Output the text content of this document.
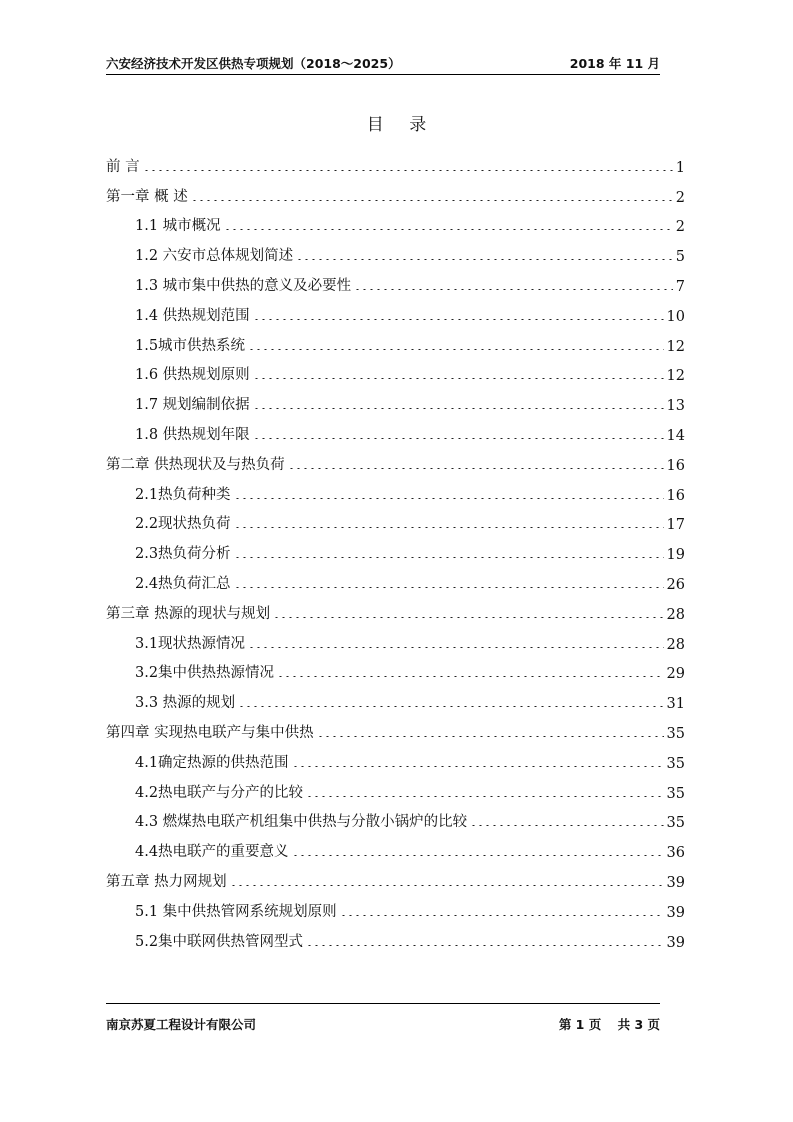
六安经济技术开发区供热专项规划（2018～2025）	2018 年 11 月
目 录
前 言	1
第一章 概 述	2
1.1 城市概况	2
1.2 六安市总体规划简述	5
1.3 城市集中供热的意义及必要性	7
1.4 供热规划范围	10
1.5城市供热系统	12
1.6 供热规划原则	12
1.7 规划编制依据	13
1.8 供热规划年限	14
第二章 供热现状及与热负荷	16
2.1热负荷种类	16
2.2现状热负荷	17
2.3热负荷分析	19
2.4热负荷汇总	26
第三章 热源的现状与规划	28
3.1现状热源情况	28
3.2集中供热热源情况	29
3.3 热源的规划	31
第四章 实现热电联产与集中供热	35
4.1确定热源的供热范围	35
4.2热电联产与分产的比较	35
4.3 燃煤热电联产机组集中供热与分散小锅炉的比较	35
4.4热电联产的重要意义	36
第五章 热力网规划	39
5.1 集中供热管网系统规划原则	39
5.2集中联网供热管网型式	39
南京苏夏工程设计有限公司	第 1 页 共 3 页
